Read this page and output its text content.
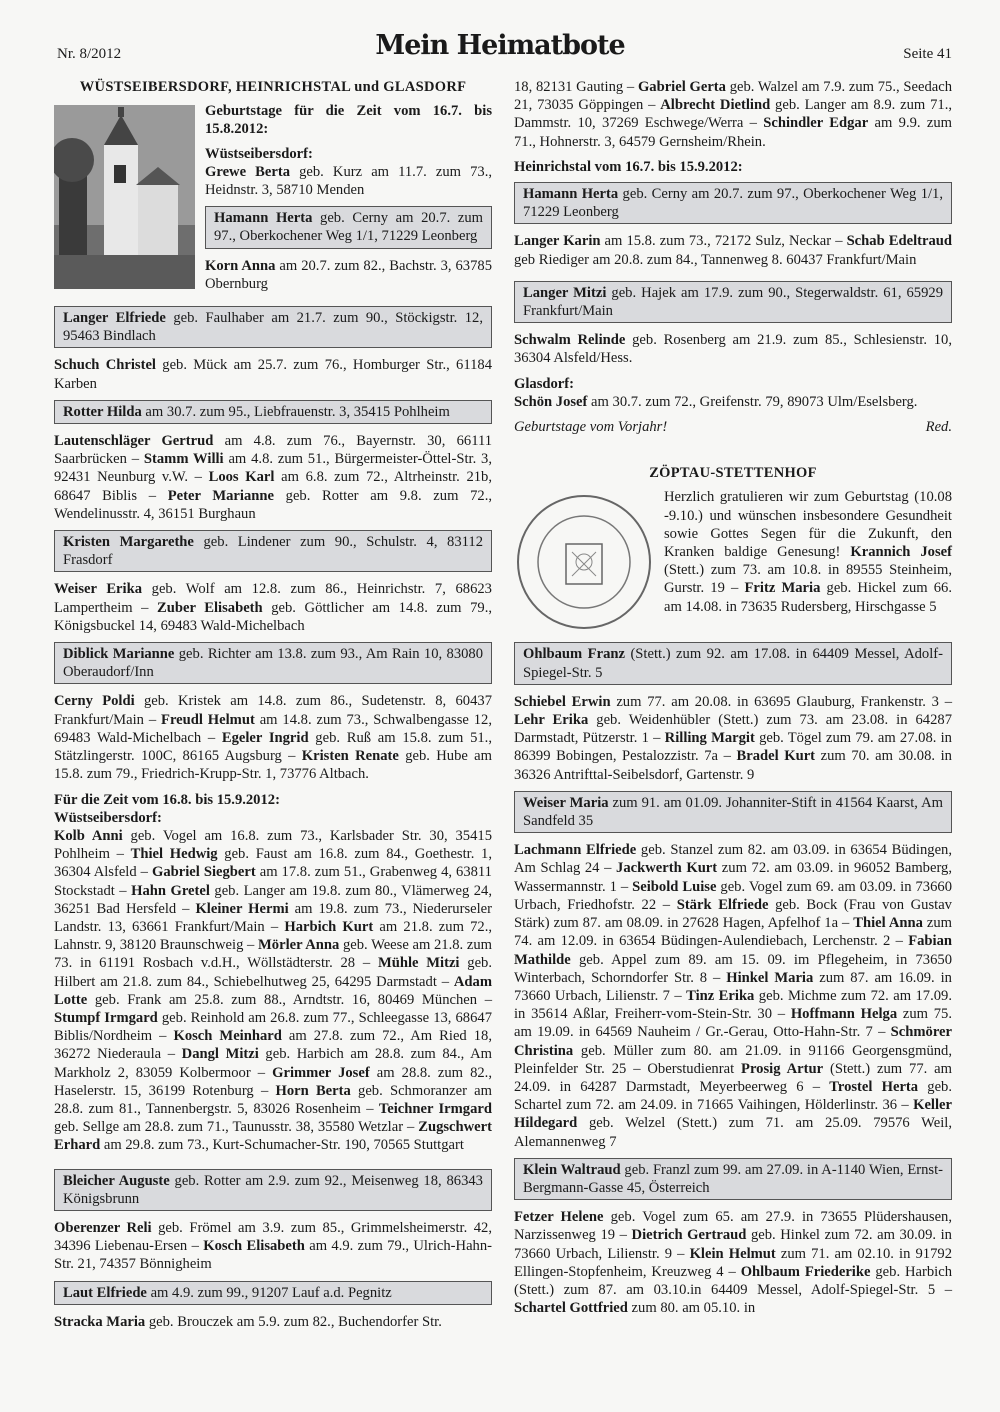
Nr. 8/2012	Mein Heimatbote	Seite 41
WÜSTSEIBERSDORF, HEINRICHSTAL und GLASDORF

Geburtstage für die Zeit vom 16.7. bis 15.8.2012:

Wüstseibersdorf:

Grewe Berta geb. Kurz am 11.7. zum 73., Heidnstr. 3, 58710 Menden

Hamann Herta geb. Cerny am 20.7. zum 97., Oberkochener Weg 1/1, 71229 Leonberg

Korn Anna am 20.7. zum 82., Bachstr. 3, 63785 Obernburg

Langer Elfriede geb. Faulhaber am 21.7. zum 90., Stöckigstr. 12, 95463 Bindlach

Schuch Christel geb. Mück am 25.7. zum 76., Homburger Str., 61184 Karben

Rotter Hilda am 30.7. zum 95., Liebfrauenstr. 3, 35415 Pohlheim

Lautenschläger Gertrud am 4.8. zum 76., Bayernstr. 30, 66111 Saarbrücken – Stamm Willi am 4.8. zum 51., Bürgermeister-Öttel-Str. 3, 92431 Neunburg v.W. – Loos Karl am 6.8. zum 72., Altrheinstr. 21b, 68647 Biblis – Peter Marianne geb. Rotter am 9.8. zum 72., Wendelinusstr. 4, 36151 Burghaun

Kristen Margarethe geb. Lindener zum 90., Schulstr. 4, 83112 Frasdorf

Weiser Erika geb. Wolf am 12.8. zum 86., Heinrichstr. 7, 68623 Lampertheim – Zuber Elisabeth geb. Göttlicher am 14.8. zum 79., Königsbuckel 14, 69483 Wald-Michelbach

Diblick Marianne geb. Richter am 13.8. zum 93., Am Rain 10, 83080 Oberaudorf/Inn

Cerny Poldi geb. Kristek am 14.8. zum 86., Sudetenstr. 8, 60437 Frankfurt/Main – Freudl Helmut am 14.8. zum 73., Schwalbengasse 12, 69483 Wald-Michelbach – Egeler Ingrid geb. Ruß am 15.8. zum 51., Stätzlingerstr. 100C, 86165 Augsburg – Kristen Renate geb. Hube am 15.8. zum 79., Friedrich-Krupp-Str. 1, 73776 Altbach.

Für die Zeit vom 16.8. bis 15.9.2012:

Wüstseibersdorf:

Kolb Anni geb. Vogel am 16.8. zum 73., Karlsbader Str. 30, 35415 Pohlheim – Thiel Hedwig geb. Faust am 16.8. zum 84., Goethestr. 1, 36304 Alsfeld – Gabriel Siegbert am 17.8. zum 51., Grabenweg 4, 63811 Stockstadt – Hahn Gretel geb. Langer am 19.8. zum 80., Vlämerweg 24, 36251 Bad Hersfeld – Kleiner Hermi am 19.8. zum 73., Niederurseler Landstr. 13, 63661 Frankfurt/Main – Harbich Kurt am 21.8. zum 72., Lahnstr. 9, 38120 Braunschweig – Mörler Anna geb. Weese am 21.8. zum 73. in 61191 Rosbach v.d.H., Wöllstädterstr. 28 – Mühle Mitzi geb. Hilbert am 21.8. zum 84., Schiebelhutweg 25, 64295 Darmstadt – Adam Lotte geb. Frank am 25.8. zum 88., Arndtstr. 16, 80469 München – Stumpf Irmgard geb. Reinhold am 26.8. zum 77., Schleegasse 13, 68647 Biblis/Nordheim – Kosch Meinhard am 27.8. zum 72., Am Ried 18, 36272 Niederaula – Dangl Mitzi geb. Harbich am 28.8. zum 84., Am Markholz 2, 83059 Kolbermoor – Grimmer Josef am 28.8. zum 82., Haselerstr. 15, 36199 Rotenburg – Horn Berta geb. Schmoranzer am 28.8. zum 81., Tannenbergstr. 5, 83026 Rosenheim – Teichner Irmgard geb. Sellge am 28.8. zum 71., Taunusstr. 38, 35580 Wetzlar – Zugschwert Erhard am 29.8. zum 73., Kurt-Schumacher-Str. 190, 70565 Stuttgart

Bleicher Auguste geb. Rotter am 2.9. zum 92., Meisenweg 18, 86343 Königsbrunn

Oberenzer Reli geb. Frömel am 3.9. zum 85., Grimmelsheimerstr. 42, 34396 Liebenau-Ersen – Kosch Elisabeth am 4.9. zum 79., Ulrich-Hahn-Str. 21, 74357 Bönnigheim

Laut Elfriede am 4.9. zum 99., 91207 Lauf a.d. Pegnitz

Stracka Maria geb. Brouczek am 5.9. zum 82., Buchendorfer Str.

18, 82131 Gauting – Gabriel Gerta geb. Walzel am 7.9. zum 75., Seedach 21, 73035 Göppingen – Albrecht Dietlind geb. Langer am 8.9. zum 71., Dammstr. 10, 37269 Eschwege/Werra – Schindler Edgar am 9.9. zum 71., Hohnerstr. 3, 64579 Gernsheim/Rhein.

Heinrichstal vom 16.7. bis 15.9.2012:

Hamann Herta geb. Cerny am 20.7. zum 97., Oberkochener Weg 1/1, 71229 Leonberg

Langer Karin am 15.8. zum 73., 72172 Sulz, Neckar – Schab Edeltraud geb Riediger am 20.8. zum 84., Tannenweg 8. 60437 Frankfurt/Main

Langer Mitzi geb. Hajek am 17.9. zum 90., Stegerwaldstr. 61, 65929 Frankfurt/Main

Schwalm Relinde geb. Rosenberg am 21.9. zum 85., Schlesienstr. 10, 36304 Alsfeld/Hess.

Glasdorf:

Schön Josef am 30.7. zum 72., Greifenstr. 79, 89073 Ulm/Eselsberg.

Geburtstage vom Vorjahr!	Red.
ZÖPTAU-STETTENHOF

Herzlich gratulieren wir zum Geburtstag (10.08 -9.10.) und wünschen insbesondere Gesundheit sowie Gottes Segen für die Zukunft, den Kranken baldige Genesung! Krannich Josef (Stett.) zum 73. am 10.8. in 89555 Steinheim, Gurstr. 19 – Fritz Maria geb. Hickel zum 66. am 14.08. in 73635 Rudersberg, Hirschgasse 5

Ohlbaum Franz (Stett.) zum 92. am 17.08. in 64409 Messel, Adolf-Spiegel-Str. 5

Schiebel Erwin zum 77. am 20.08. in 63695 Glauburg, Frankenstr. 3 – Lehr Erika geb. Weidenhübler (Stett.) zum 73. am 23.08. in 64287 Darmstadt, Pützerstr. 1 – Rilling Margit geb. Tögel zum 79. am 27.08. in 86399 Bobingen, Pestalozzistr. 7a – Bradel Kurt zum 70. am 30.08. in 36326 Antrifttal-Seibelsdorf, Gartenstr. 9

Weiser Maria zum 91. am 01.09. Johanniter-Stift in 41564 Kaarst, Am Sandfeld 35

Lachmann Elfriede geb. Stanzel zum 82. am 03.09. in 63654 Büdingen, Am Schlag 24 – Jackwerth Kurt zum 72. am 03.09. in 96052 Bamberg, Wassermannstr. 1 – Seibold Luise geb. Vogel zum 69. am 03.09. in 73660 Urbach, Friedhofstr. 22 – Stärk Elfriede geb. Bock (Frau von Gustav Stärk) zum 87. am 08.09. in 27628 Hagen, Apfelhof 1a – Thiel Anna zum 74. am 12.09. in 63654 Büdingen-Aulendiebach, Lerchenstr. 2 – Fabian Mathilde geb. Appel zum 89. am 15. 09. im Pflegeheim, in 73650 Winterbach, Schorndorfer Str. 8 – Hinkel Maria zum 87. am 16.09. in 73660 Urbach, Lilienstr. 7 – Tinz Erika geb. Michme zum 72. am 17.09. in 35614 Aßlar, Freiherr-vom-Stein-Str. 30 – Hoffmann Helga zum 75. am 19.09. in 64569 Nauheim / Gr.-Gerau, Otto-Hahn-Str. 7 – Schmörer Christina geb. Müller zum 80. am 21.09. in 91166 Georgensgmünd, Pleinfelder Str. 25 – Oberstudienrat Prosig Artur (Stett.) zum 77. am 24.09. in 64287 Darmstadt, Meyerbeerweg 6 – Trostel Herta geb. Schartel zum 72. am 24.09. in 71665 Vaihingen, Hölderlinstr. 36 – Keller Hildegard geb. Welzel (Stett.) zum 71. am 25.09. 79576 Weil, Alemannenweg 7

Klein Waltraud geb. Franzl zum 99. am 27.09. in A-1140 Wien, Ernst-Bergmann-Gasse 45, Österreich

Fetzer Helene geb. Vogel zum 65. am 27.9. in 73655 Plüdershausen, Narzissenweg 19 – Dietrich Gertraud geb. Hinkel zum 72. am 30.09. in 73660 Urbach, Lilienstr. 9 – Klein Helmut zum 71. am 02.10. in 91792 Ellingen-Stopfenheim, Kreuzweg 4 – Ohlbaum Friederike geb. Harbich (Stett.) zum 87. am 03.10.in 64409 Messel, Adolf-Spiegel-Str. 5 – Schartel Gottfried zum 80. am 05.10. in
